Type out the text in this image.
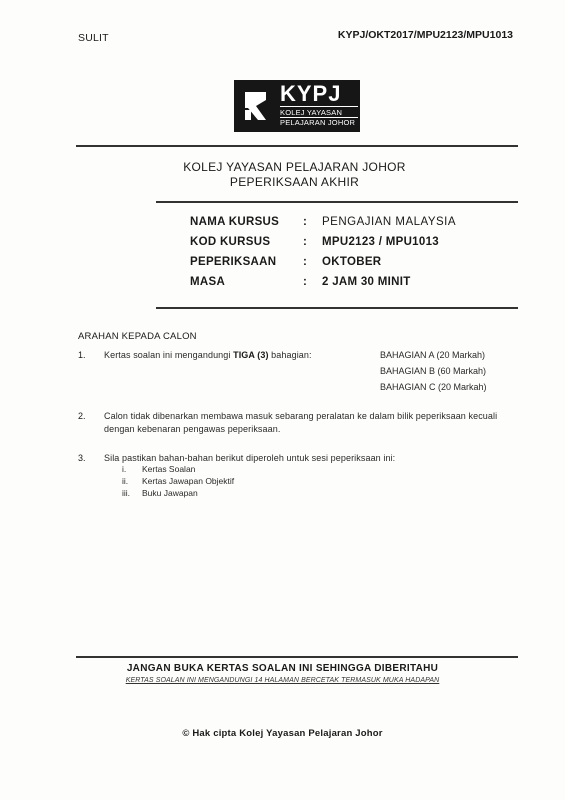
SULIT	KYPJ/OKT2017/MPU2123/MPU1013
KYPJ
KOLEJ YAYASAN
PELAJARAN JOHOR
KOLEJ YAYASAN PELAJARAN JOHOR
PEPERIKSAAN AKHIR
NAMA KURSUS	:	PENGAJIAN MALAYSIA
KOD KURSUS	:	MPU2123 / MPU1013
PEPERIKSAAN	:	OKTOBER
MASA	:	2 JAM 30 MINIT
ARAHAN KEPADA CALON
1. Kertas soalan ini mengandungi TIGA (3) bahagian:	BAHAGIAN A (20 Markah)
BAHAGIAN B (60 Markah)
BAHAGIAN C (20 Markah)
2. Calon tidak dibenarkan membawa masuk sebarang peralatan ke dalam bilik peperiksaan kecuali
dengan kebenaran pengawas peperiksaan.
3. Sila pastikan bahan-bahan berikut diperoleh untuk sesi peperiksaan ini:
i. Kertas Soalan
ii. Kertas Jawapan Objektif
iii. Buku Jawapan
JANGAN BUKA KERTAS SOALAN INI SEHINGGA DIBERITAHU
KERTAS SOALAN INI MENGANDUNGI 14 HALAMAN BERCETAK TERMASUK MUKA HADAPAN
© Hak cipta Kolej Yayasan Pelajaran Johor
